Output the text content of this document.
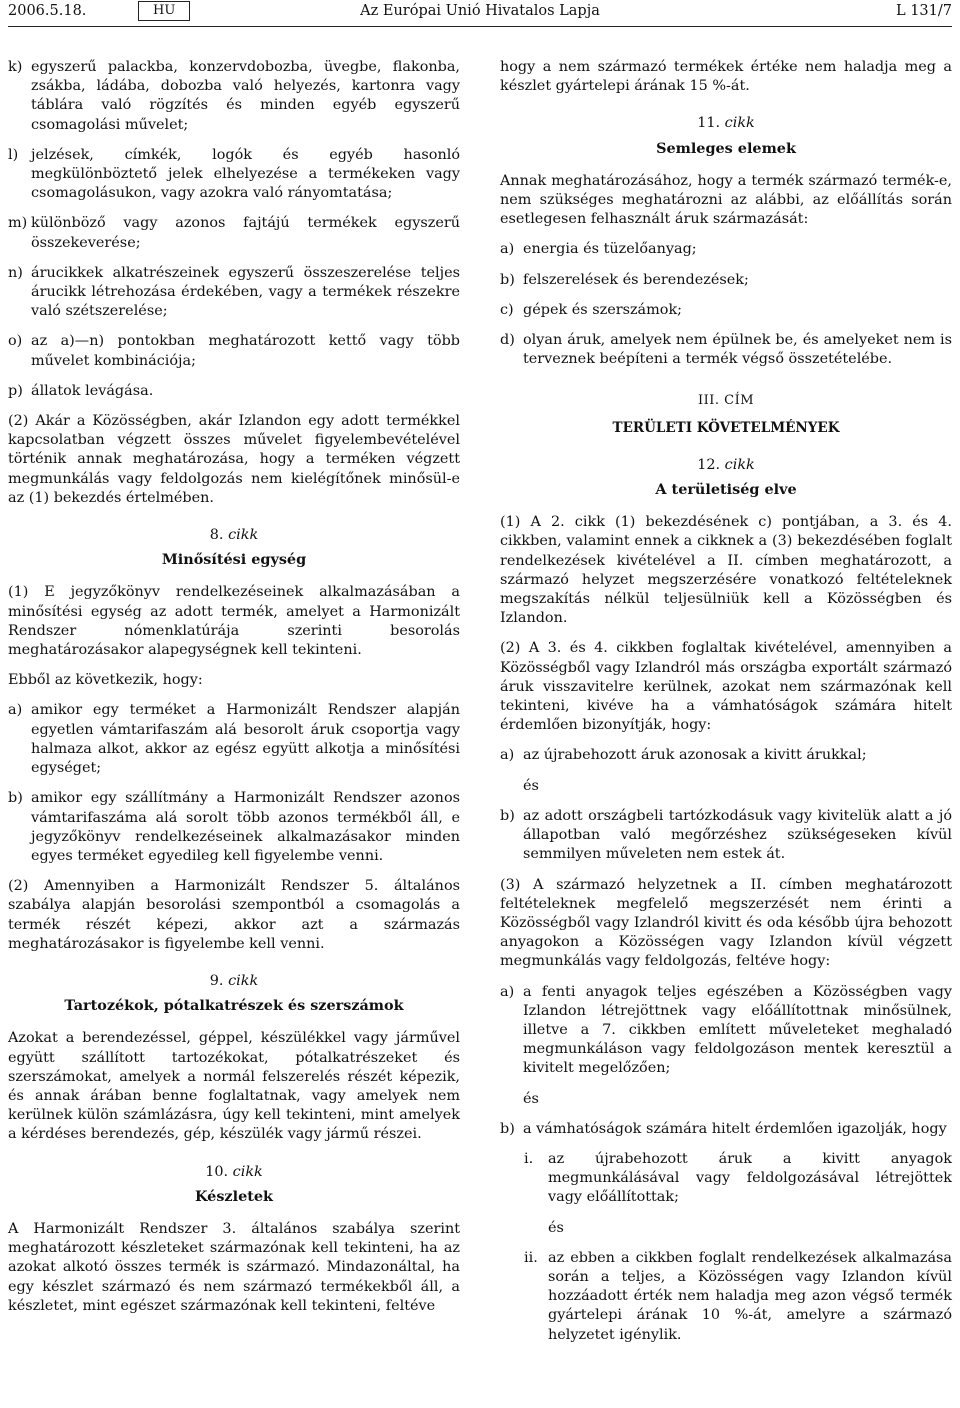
2006.5.18.	HU	Az Európai Unió Hivatalos Lapja	L 131/7
k) egyszerű palackba, konzervdobozba, üvegbe, flakonba, zsákba, ládába, dobozba való helyezés, kartonra vagy táblára való rögzítés és minden egyéb egyszerű csomagolási művelet;
l) jelzések, címkék, logók és egyéb hasonló megkülönböztető jelek elhelyezése a termékeken vagy csomagolásukon, vagy azokra való rányomtatása;
m) különböző vagy azonos fajtájú termékek egyszerű összekeverése;
n) árucikkek alkatrészeinek egyszerű összeszerelése teljes árucikk létrehozása érdekében, vagy a termékek részekre való szétszerelése;
o) az a)—n) pontokban meghatározott kettő vagy több művelet kombinációja;
p) állatok levágása.

(2) Akár a Közösségben, akár Izlandon egy adott termékkel kapcsolatban végzett összes művelet figyelembevételével történik annak meghatározása, hogy a terméken végzett megmunkálás vagy feldolgozás nem kielégítőnek minősül-e az (1) bekezdés értelmében.

8. cikk
Minősítési egység

(1) E jegyzőkönyv rendelkezéseinek alkalmazásában a minősítési egység az adott termék, amelyet a Harmonizált Rendszer nómenklatúrája szerinti besorolás meghatározásakor alapegységnek kell tekinteni.

Ebből az következik, hogy:

a) amikor egy terméket a Harmonizált Rendszer alapján egyetlen vámtarifaszám alá besorolt áruk csoportja vagy halmaza alkot, akkor az egész együtt alkotja a minősítési egységet;
b) amikor egy szállítmány a Harmonizált Rendszer azonos vámtarifaszáma alá sorolt több azonos termékből áll, e jegyzőkönyv rendelkezéseinek alkalmazásakor minden egyes terméket egyedileg kell figyelembe venni.

(2) Amennyiben a Harmonizált Rendszer 5. általános szabálya alapján besorolási szempontból a csomagolás a termék részét képezi, akkor azt a származás meghatározásakor is figyelembe kell venni.

9. cikk
Tartozékok, pótalkatrészek és szerszámok

Azokat a berendezéssel, géppel, készülékkel vagy járművel együtt szállított tartozékokat, pótalkatrészeket és szerszámokat, amelyek a normál felszerelés részét képezik, és annak árában benne foglaltatnak, vagy amelyek nem kerülnek külön számlázásra, úgy kell tekinteni, mint amelyek a kérdéses berendezés, gép, készülék vagy jármű részei.

10. cikk
Készletek

A Harmonizált Rendszer 3. általános szabálya szerint meghatározott készleteket származónak kell tekinteni, ha az azokat alkotó összes termék is származó. Mindazonáltal, ha egy készlet származó és nem származó termékekből áll, a készletet, mint egészet származónak kell tekinteni, feltéve

hogy a nem származó termékek értéke nem haladja meg a készlet gyártelepi árának 15 %-át.

11. cikk
Semleges elemek

Annak meghatározásához, hogy a termék származó termék-e, nem szükséges meghatározni az alábbi, az előállítás során esetlegesen felhasznált áruk származását:

a) energia és tüzelőanyag;
b) felszerelések és berendezések;
c) gépek és szerszámok;
d) olyan áruk, amelyek nem épülnek be, és amelyeket nem is terveznek beépíteni a termék végső összetételébe.
III. CÍM
TERÜLETI KÖVETELMÉNYEK
12. cikk
A területiség elve

(1) A 2. cikk (1) bekezdésének c) pontjában, a 3. és 4. cikkben, valamint ennek a cikknek a (3) bekezdésében foglalt rendelkezések kivételével a II. címben meghatározott, a származó helyzet megszerzésére vonatkozó feltételeknek megszakítás nélkül teljesülniük kell a Közösségben és Izlandon.

(2) A 3. és 4. cikkben foglaltak kivételével, amennyiben a Közösségből vagy Izlandról más országba exportált származó áruk visszavitelre kerülnek, azokat nem származónak kell tekinteni, kivéve ha a vámhatóságok számára hitelt érdemlően bizonyítják, hogy:

a) az újrabehozott áruk azonosak a kivitt árukkal;
és
b) az adott országbeli tartózkodásuk vagy kivitelük alatt a jó állapotban való megőrzéshez szükségeseken kívül semmilyen műveleten nem estek át.

(3) A származó helyzetnek a II. címben meghatározott feltételeknek megfelelő megszerzését nem érinti a Közösségből vagy Izlandról kivitt és oda később újra behozott anyagokon a Közösségen vagy Izlandon kívül végzett megmunkálás vagy feldolgozás, feltéve hogy:

a) a fenti anyagok teljes egészében a Közösségben vagy Izlandon létrejöttnek vagy előállítottnak minősülnek, illetve a 7. cikkben említett műveleteket meghaladó megmunkáláson vagy feldolgozáson mentek keresztül a kivitelt megelőzően;
és
b) a vámhatóságok számára hitelt érdemlően igazolják, hogy
i. az újrabehozott áruk a kivitt anyagok megmunkálásával vagy feldolgozásával létrejöttek vagy előállítottak;
és
ii. az ebben a cikkben foglalt rendelkezések alkalmazása során a teljes, a Közösségen vagy Izlandon kívül hozzáadott érték nem haladja meg azon végső termék gyártelepi árának 10 %-át, amelyre a származó helyzetet igénylik.
